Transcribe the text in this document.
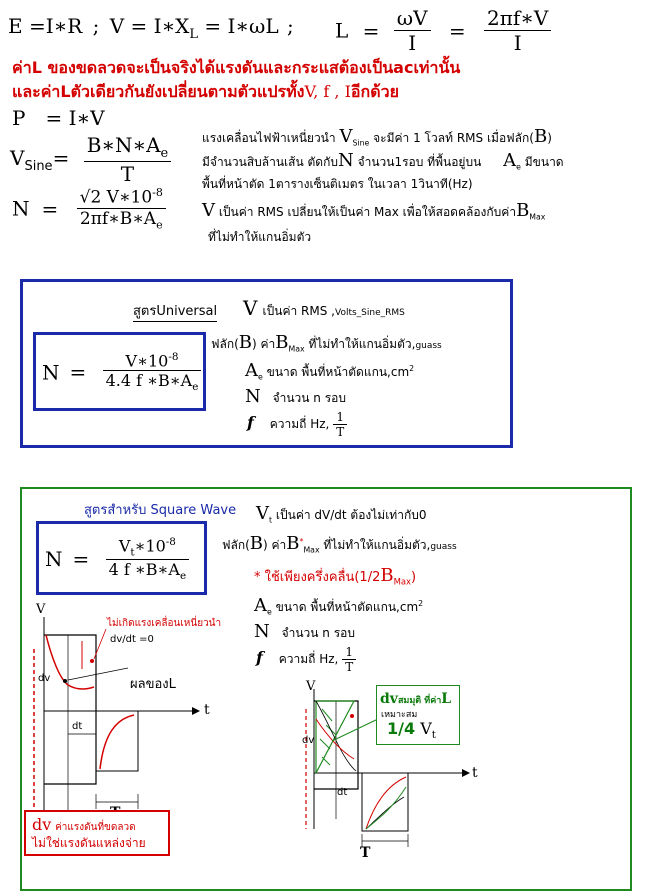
E =I∗R ; $V = I∗X_L$ = I∗ωL ; $L = \frac{\omega V}{I} = \frac{2\pi f∗V}{I}$
ค่าL ของขดลวดจะเป็นจริงได้แรงดันและกระแสต้องเป็นacเท่านั้น
และค่าLตัวเดียวกันยังเปลี่ยนตามตัวแปรทั้งV, f , Iอีกด้วย
P = I∗V
$V_{Sine}= \frac{B∗N∗A_e}{T}$	แรงเคลื่อนไฟฟ้าเหนี่ยวนำ $V_{Sine}$ จะมีค่า 1 โวลท์ RMS เมื่อฟลัก(B)
มีจำนวนสิบล้านเส้น ตัดกับN จำนวน1รอบ ที่พื้นอยู่บน $A_e$ มีขนาด
พื้นที่หน้าตัด 1ตารางเซ็นติเมตร ในเวลา 1วินาที(Hz)
$N = \frac{√2 V∗10^{-8}}{2\pi f∗B∗A_e}$ V เป็นค่า RMS เปลี่ยนให้เป็นค่า Max เพื่อให้สอดคล้องกับค่า$B_{Max}$
ที่ไม่ทำให้แกนอิ่มตัว
สูตรUniversal V เป็นค่า RMS ,Volts_Sine_RMS
$N = \frac{V∗10^{-8}}{4.4 f ∗B∗A_e}$
ฟลัก(B) ค่า$B_{Max}$ ที่ไม่ทำให้แกนอิ่มตัว,guass
$A_e$ ขนาด พื้นที่หน้าตัดแกน$,cm^2$
N จำนวน n รอบ
f ความถี่ Hz, $\frac{1}{T}$
สูตรสำหรับ Square Wave
$N = \frac{V_t∗10^{-8}}{4 f ∗B∗A_e}$
$V_t$ เป็นค่า dV/dt ต้องไม่เท่ากับ0
ฟลัก(B) ค่า$B^*_{Max}$ ที่ไม่ทำให้แกนอิ่มตัว,guass
* ใช้เพียงครึ่งคลื่น$(1/2B_{Max})$
$A_e$ ขนาด พื้นที่หน้าตัดแกน$,cm^2$
N จำนวน n รอบ
f ความถี่ Hz, $\frac{1}{T}$
V
t
ไม่เกิดแรงเคลื่อนเหนี่ยวนำ
dv/dt =0
dv
dt
ผลของL
dv ค่าแรงดันที่ขดลวด
ไม่ใช่แรงดันแหล่งจ่าย
V
t
dv
dt
T
dvสมมุติ ที่ค่าL
เหมาะสม
1/4 $V_t$
